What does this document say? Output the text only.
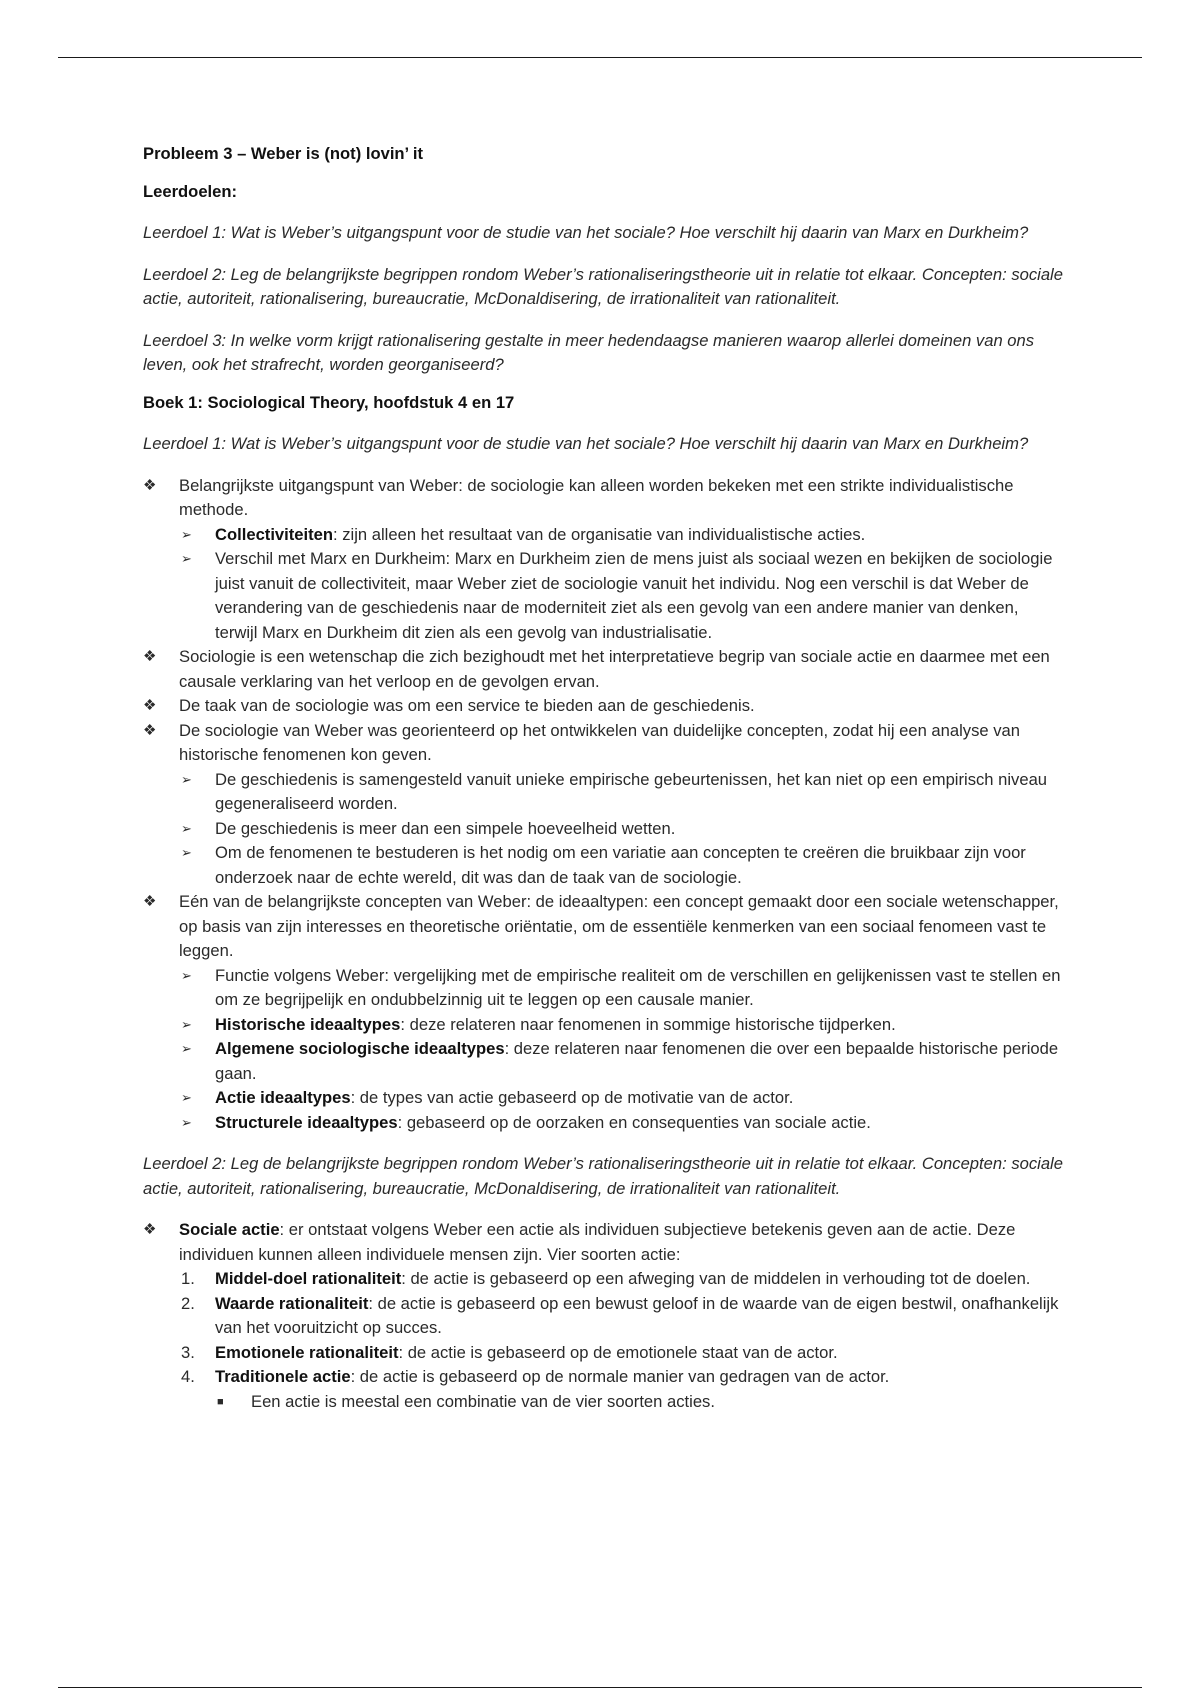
Probleem 3 – Weber is (not) lovin’ it

Leerdoelen:

Leerdoel 1: Wat is Weber’s uitgangspunt voor de studie van het sociale? Hoe verschilt hij daarin van Marx en Durkheim?

Leerdoel 2: Leg de belangrijkste begrippen rondom Weber’s rationaliseringstheorie uit in relatie tot elkaar. Concepten: sociale actie, autoriteit, rationalisering, bureaucratie, McDonaldisering, de irrationaliteit van rationaliteit.

Leerdoel 3: In welke vorm krijgt rationalisering gestalte in meer hedendaagse manieren waarop allerlei domeinen van ons leven, ook het strafrecht, worden georganiseerd?

Boek 1: Sociological Theory, hoofdstuk 4 en 17

Leerdoel 1: Wat is Weber’s uitgangspunt voor de studie van het sociale? Hoe verschilt hij daarin van Marx en Durkheim?

❖ Belangrijkste uitgangspunt van Weber: de sociologie kan alleen worden bekeken met een strikte individualistische methode.
➢ Collectiviteiten: zijn alleen het resultaat van de organisatie van individualistische acties.
➢ Verschil met Marx en Durkheim: Marx en Durkheim zien de mens juist als sociaal wezen en bekijken de sociologie juist vanuit de collectiviteit, maar Weber ziet de sociologie vanuit het individu. Nog een verschil is dat Weber de verandering van de geschiedenis naar de moderniteit ziet als een gevolg van een andere manier van denken, terwijl Marx en Durkheim dit zien als een gevolg van industrialisatie.
❖ Sociologie is een wetenschap die zich bezighoudt met het interpretatieve begrip van sociale actie en daarmee met een causale verklaring van het verloop en de gevolgen ervan.
❖ De taak van de sociologie was om een service te bieden aan de geschiedenis.
❖ De sociologie van Weber was georienteerd op het ontwikkelen van duidelijke concepten, zodat hij een analyse van historische fenomenen kon geven.
➢ De geschiedenis is samengesteld vanuit unieke empirische gebeurtenissen, het kan niet op een empirisch niveau gegeneraliseerd worden.
➢ De geschiedenis is meer dan een simpele hoeveelheid wetten.
➢ Om de fenomenen te bestuderen is het nodig om een variatie aan concepten te creëren die bruikbaar zijn voor onderzoek naar de echte wereld, dit was dan de taak van de sociologie.
❖ Eén van de belangrijkste concepten van Weber: de ideaaltypen: een concept gemaakt door een sociale wetenschapper, op basis van zijn interesses en theoretische oriëntatie, om de essentiële kenmerken van een sociaal fenomeen vast te leggen.
➢ Functie volgens Weber: vergelijking met de empirische realiteit om de verschillen en gelijkenissen vast te stellen en om ze begrijpelijk en ondubbelzinnig uit te leggen op een causale manier.
➢ Historische ideaaltypes: deze relateren naar fenomenen in sommige historische tijdperken.
➢ Algemene sociologische ideaaltypes: deze relateren naar fenomenen die over een bepaalde historische periode gaan.
➢ Actie ideaaltypes: de types van actie gebaseerd op de motivatie van de actor.
➢ Structurele ideaaltypes: gebaseerd op de oorzaken en consequenties van sociale actie.

Leerdoel 2: Leg de belangrijkste begrippen rondom Weber’s rationaliseringstheorie uit in relatie tot elkaar. Concepten: sociale actie, autoriteit, rationalisering, bureaucratie, McDonaldisering, de irrationaliteit van rationaliteit.

❖ Sociale actie: er ontstaat volgens Weber een actie als individuen subjectieve betekenis geven aan de actie. Deze individuen kunnen alleen individuele mensen zijn. Vier soorten actie:
1. Middel-doel rationaliteit: de actie is gebaseerd op een afweging van de middelen in verhouding tot de doelen.
2. Waarde rationaliteit: de actie is gebaseerd op een bewust geloof in de waarde van de eigen bestwil, onafhankelijk van het vooruitzicht op succes.
3. Emotionele rationaliteit: de actie is gebaseerd op de emotionele staat van de actor.
4. Traditionele actie: de actie is gebaseerd op de normale manier van gedragen van de actor.
■ Een actie is meestal een combinatie van de vier soorten acties.
